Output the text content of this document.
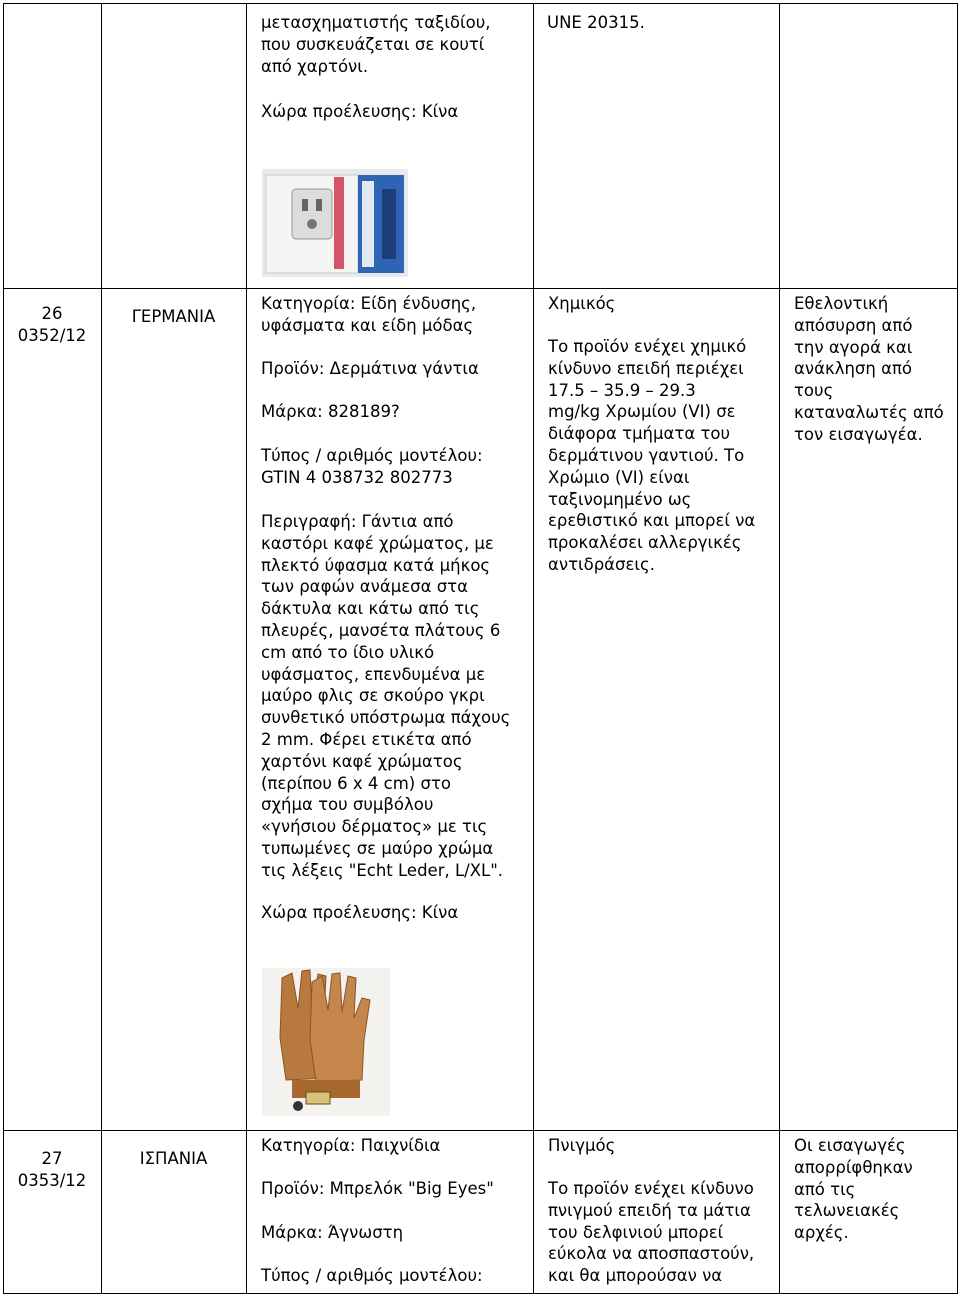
μετασχηματιστής ταξιδίου,
που συσκευάζεται σε κουτί
από χαρτόνι.
Χώρα προέλευσης: Κίνα
UNE 20315.
26
0352/12
ΓΕΡΜΑΝΙΑ
Κατηγορία: Είδη ένδυσης,
υφάσματα και είδη μόδας
Προϊόν: Δερμάτινα γάντια
Μάρκα: 828189?
Τύπος / αριθμός μοντέλου:
GTIN 4 038732 802773
Περιγραφή: Γάντια από
καστόρι καφέ χρώματος, με
πλεκτό ύφασμα κατά μήκος
των ραφών ανάμεσα στα
δάκτυλα και κάτω από τις
πλευρές, μανσέτα πλάτους 6
cm από το ίδιο υλικό
υφάσματος, επενδυμένα με
μαύρο φλις σε σκούρο γκρι
συνθετικό υπόστρωμα πάχους
2 mm. Φέρει ετικέτα από
χαρτόνι καφέ χρώματος
(περίπου 6 x 4 cm) στο
σχήμα του συμβόλου
«γνήσιου δέρματος» με τις
τυπωμένες σε μαύρο χρώμα
τις λέξεις "Echt Leder, L/XL".
Χώρα προέλευσης: Κίνα
Χημικός
Το προϊόν ενέχει χημικό
κίνδυνο επειδή περιέχει
17.5 – 35.9 – 29.3
mg/kg Χρωμίου (VI) σε
διάφορα τμήματα του
δερμάτινου γαντιού. Το
Χρώμιο (VI) είναι
ταξινομημένο ως
ερεθιστικό και μπορεί να
προκαλέσει αλλεργικές
αντιδράσεις.
Εθελοντική
απόσυρση από
την αγορά και
ανάκληση από
τους
καταναλωτές από
τον εισαγωγέα.
27
0353/12
ΙΣΠΑΝΙΑ
Κατηγορία: Παιχνίδια
Προϊόν: Μπρελόκ "Big Eyes"
Μάρκα: Άγνωστη
Τύπος / αριθμός μοντέλου:
Πνιγμός
Το προϊόν ενέχει κίνδυνο
πνιγμού επειδή τα μάτια
του δελφινιού μπορεί
εύκολα να αποσπαστούν,
και θα μπορούσαν να
Οι εισαγωγές
απορρίφθηκαν
από τις
τελωνειακές
αρχές.
